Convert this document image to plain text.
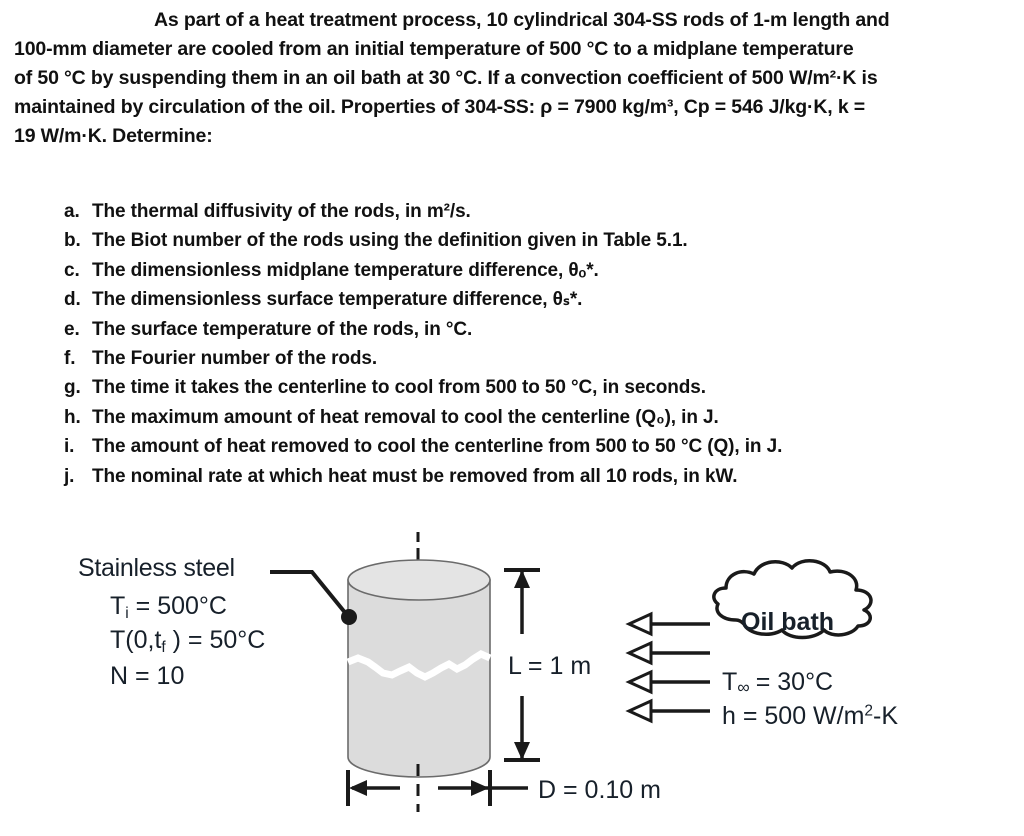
As part of a heat treatment process, 10 cylindrical 304-SS rods of 1-m length and
100-mm diameter are cooled from an initial temperature of 500 °C to a midplane temperature
of 50 °C by suspending them in an oil bath at 30 °C. If a convection coefficient of 500 W/m²·K is
maintained by circulation of the oil. Properties of 304-SS: ρ = 7900 kg/m³, Cp = 546 J/kg·K, k =
19 W/m·K. Determine:
a. The thermal diffusivity of the rods, in m²/s.
b. The Biot number of the rods using the definition given in Table 5.1.
c. The dimensionless midplane temperature difference, θₒ*.
d. The dimensionless surface temperature difference, θₛ*.
e. The surface temperature of the rods, in °C.
f. The Fourier number of the rods.
g. The time it takes the centerline to cool from 500 to 50 °C, in seconds.
h. The maximum amount of heat removal to cool the centerline (Q₀), in J.
i. The amount of heat removed to cool the centerline from 500 to 50 °C (Q), in J.
j. The nominal rate at which heat must be removed from all 10 rods, in kW.
Stainless steel
$T_i = 500^\circ C$
$T(0,t_f$ ) = 50°C
N = 10	L = 1 m
D = 0.10 m
T∞ = 30°C
h = 500 $W/m^2-K$
Oil bath
